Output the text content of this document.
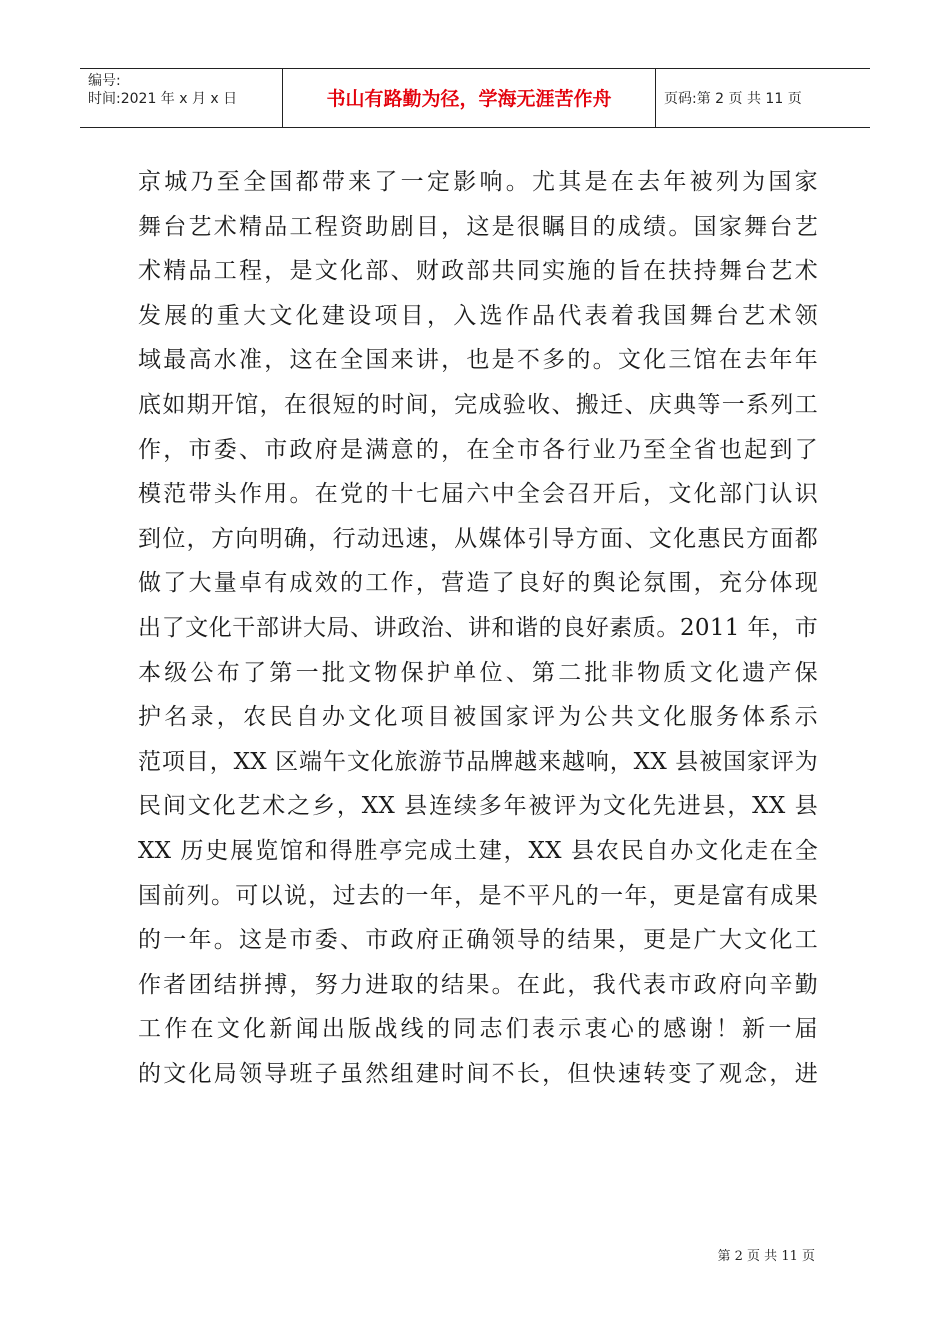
编号:
时间:2021 年 x 月 x 日	书山有路勤为径，学海无涯苦作舟	页码:第 2 页 共 11 页
京城乃至全国都带来了一定影响。尤其是在去年被列为国家
舞台艺术精品工程资助剧目，这是很瞩目的成绩。国家舞台艺
术精品工程，是文化部、财政部共同实施的旨在扶持舞台艺术
发展的重大文化建设项目，入选作品代表着我国舞台艺术领
域最高水准，这在全国来讲，也是不多的。文化三馆在去年年
底如期开馆，在很短的时间，完成验收、搬迁、庆典等一系列工
作，市委、市政府是满意的，在全市各行业乃至全省也起到了
模范带头作用。在党的十七届六中全会召开后，文化部门认识
到位，方向明确，行动迅速，从媒体引导方面、文化惠民方面都
做了大量卓有成效的工作，营造了良好的舆论氛围，充分体现
出了文化干部讲大局、讲政治、讲和谐的良好素质。2011 年，市
本级公布了第一批文物保护单位、第二批非物质文化遗产保
护名录，农民自办文化项目被国家评为公共文化服务体系示
范项目，XX 区端午文化旅游节品牌越来越响，XX 县被国家评为
民间文化艺术之乡，XX 县连续多年被评为文化先进县，XX 县
XX 历史展览馆和得胜亭完成土建，XX 县农民自办文化走在全
国前列。可以说，过去的一年，是不平凡的一年，更是富有成果
的一年。这是市委、市政府正确领导的结果，更是广大文化工
作者团结拼搏，努力进取的结果。在此，我代表市政府向辛勤
工作在文化新闻出版战线的同志们表示衷心的感谢！新一届
的文化局领导班子虽然组建时间不长，但快速转变了观念，进
第 2 页 共 11 页
